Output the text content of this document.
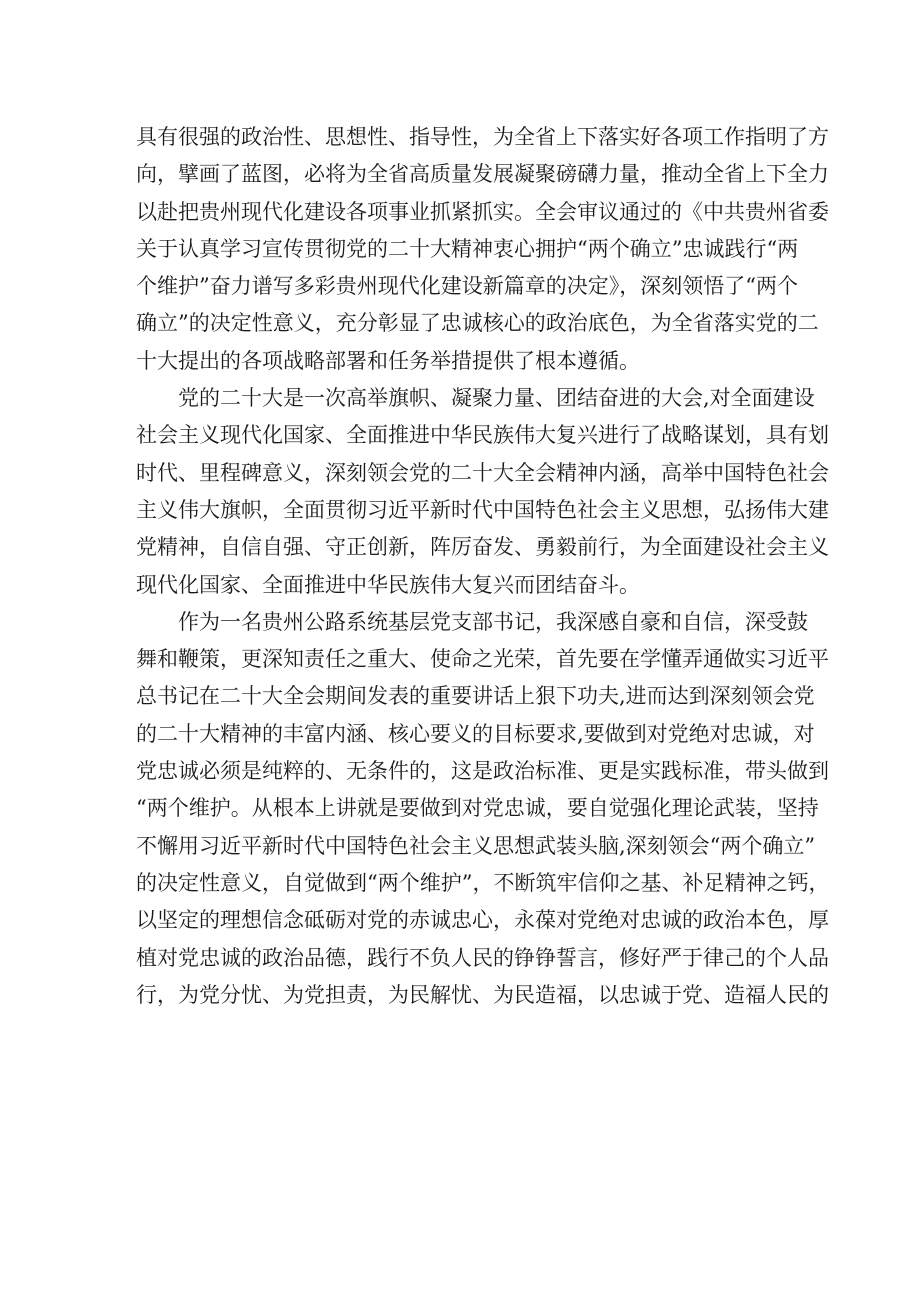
具有很强的政治性、思想性、指导性，为全省上下落实好各项工作指明了方
向，擘画了蓝图，必将为全省高质量发展凝聚磅礴力量，推动全省上下全力
以赴把贵州现代化建设各项事业抓紧抓实。全会审议通过的《中共贵州省委
关于认真学习宣传贯彻党的二十大精神衷心拥护“两个确立”忠诚践行“两
个维护”奋力谱写多彩贵州现代化建设新篇章的决定》，深刻领悟了“两个
确立”的决定性意义，充分彰显了忠诚核心的政治底色，为全省落实党的二
十大提出的各项战略部署和任务举措提供了根本遵循。
　　党的二十大是一次高举旗帜、凝聚力量、团结奋进的大会,对全面建设
社会主义现代化国家、全面推进中华民族伟大复兴进行了战略谋划，具有划
时代、里程碑意义，深刻领会党的二十大全会精神内涵，高举中国特色社会
主义伟大旗帜，全面贯彻习近平新时代中国特色社会主义思想，弘扬伟大建
党精神，自信自强、守正创新，阵厉奋发、勇毅前行，为全面建设社会主义
现代化国家、全面推进中华民族伟大复兴而团结奋斗。
　　作为一名贵州公路系统基层党支部书记，我深感自豪和自信，深受鼓
舞和鞭策，更深知责任之重大、使命之光荣，首先要在学懂弄通做实习近平
总书记在二十大全会期间发表的重要讲话上狠下功夫,进而达到深刻领会党
的二十大精神的丰富内涵、核心要义的目标要求,要做到对党绝对忠诚，对
党忠诚必须是纯粹的、无条件的，这是政治标准、更是实践标准，带头做到
“两个维护。从根本上讲就是要做到对党忠诚，要自觉强化理论武装，坚持
不懈用习近平新时代中国特色社会主义思想武装头脑,深刻领会“两个确立”
的决定性意义，自觉做到“两个维护”，不断筑牢信仰之基、补足精神之钙，
以坚定的理想信念砥砺对党的赤诚忠心，永葆对党绝对忠诚的政治本色，厚
植对党忠诚的政治品德，践行不负人民的铮铮誓言，修好严于律己的个人品
行，为党分忧、为党担责，为民解忧、为民造福，以忠诚于党、造福人民的
